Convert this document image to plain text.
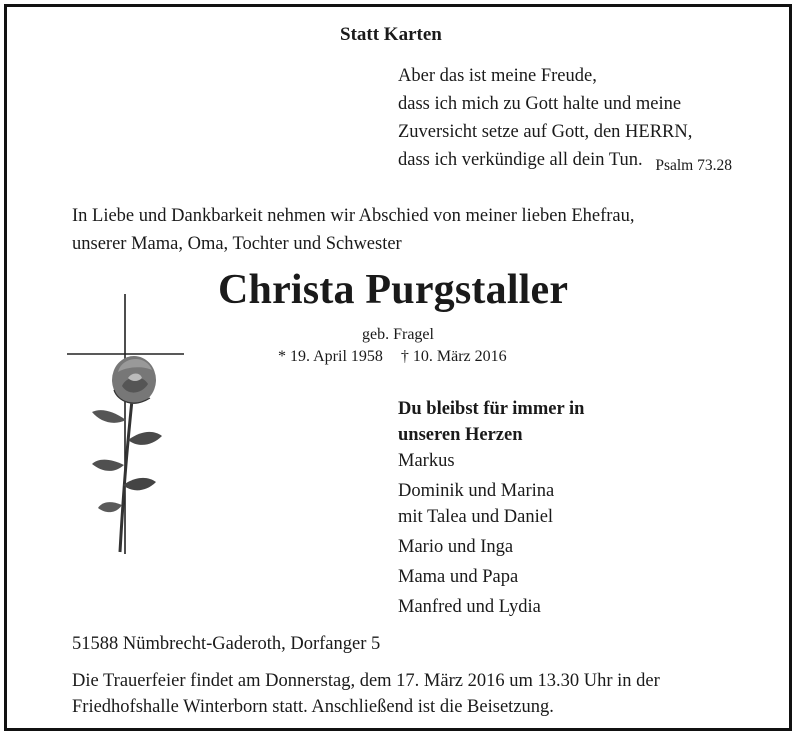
Statt Karten
Aber das ist meine Freude,
dass ich mich zu Gott halte und meine
Zuversicht setze auf Gott, den HERRN,
dass ich verkündige all dein Tun. Psalm 73.28
In Liebe und Dankbarkeit nehmen wir Abschied von meiner lieben Ehefrau,
unserer Mama, Oma, Tochter und Schwester
Christa Purgstaller
geb. Fragel
* 19. April 1958 † 10. März 2016
Du bleibst für immer in
unseren Herzen
Markus
Dominik und Marina
mit Talea und Daniel
Mario und Inga
Mama und Papa
Manfred und Lydia
51588 Nümbrecht-Gaderoth, Dorfanger 5
Die Trauerfeier findet am Donnerstag, dem 17. März 2016 um 13.30 Uhr in der
Friedhofshalle Winterborn statt. Anschließend ist die Beisetzung.
